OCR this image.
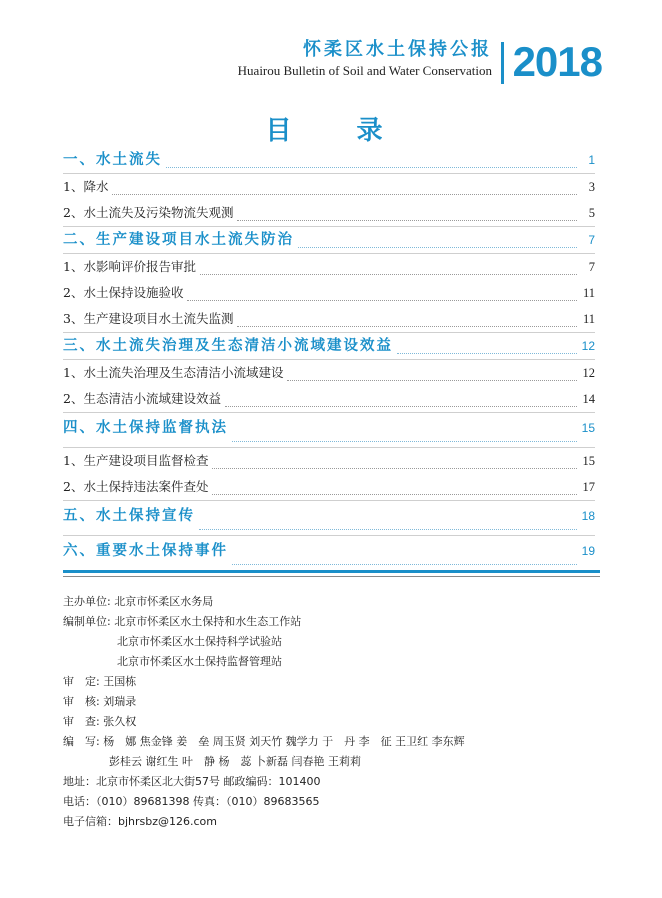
怀柔区水土保持公报
Huairou Bulletin of Soil and Water Conservation 2018
目 录
一、水土流失	1
1、降水	3
2、水土流失及污染物流失观测	5
二、生产建设项目水土流失防治	7
1、水影响评价报告审批	7
2、水土保持设施验收	11
3、生产建设项目水土流失监测	11
三、水土流失治理及生态清洁小流域建设效益	12
1、水土流失治理及生态清洁小流域建设	12
2、生态清洁小流域建设效益	14
四、水土保持监督执法	15
1、生产建设项目监督检查	15
2、水土保持违法案件查处	17
五、水土保持宣传	18
六、重要水土保持事件	19
主办单位: 北京市怀柔区水务局
编制单位: 北京市怀柔区水土保持和水生态工作站
北京市怀柔区水土保持科学试验站
北京市怀柔区水土保持监督管理站
审　定: 王国栋
审　核: 刘瑞录
审　查: 张久权
编　写: 杨　娜 焦金锋 姜　垒 周玉贤 刘天竹 魏学力 于　丹 李　征 王卫红 李东辉
彭桂云 谢红生 叶　静 杨　蕊 卜新磊 闫春艳 王莉莉
地址：北京市怀柔区北大街57号 邮政编码：101400
电话：（010）89681398 传真：（010）89683565
电子信箱：bjhrsbz@126.com
